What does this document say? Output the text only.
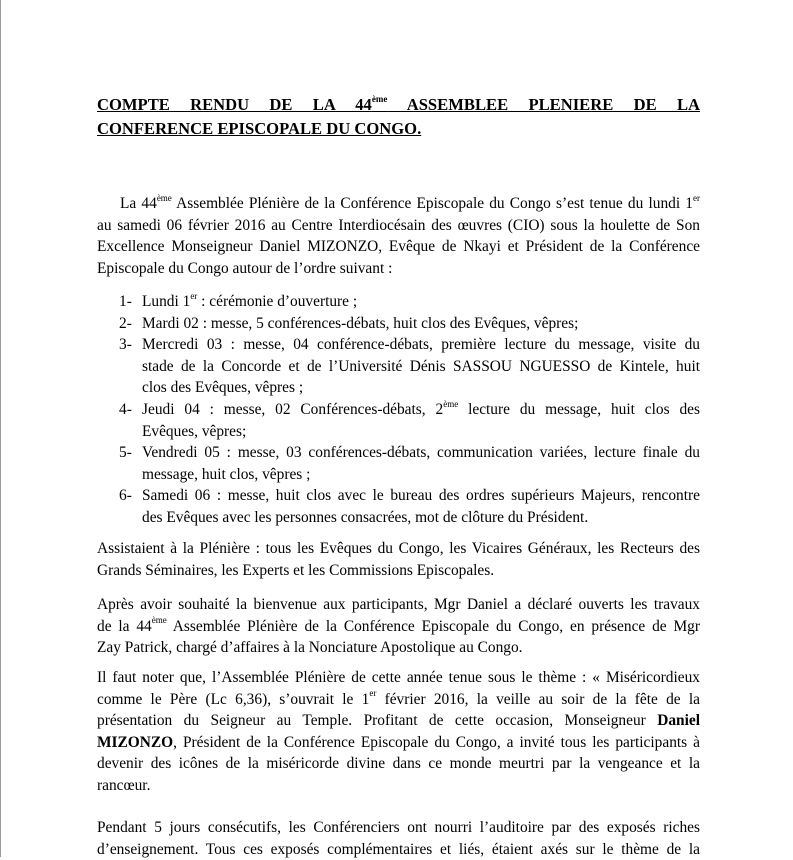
COMPTE RENDU DE LA 44ème ASSEMBLEE PLENIERE DE LA
CONFERENCE EPISCOPALE DU CONGO.
La 44ème Assemblée Plénière de la Conférence Episcopale du Congo s’est tenue du lundi 1er
au samedi 06 février 2016 au Centre Interdiocésain des œuvres (CIO) sous la houlette de Son
Excellence Monseigneur Daniel MIZONZO, Evêque de Nkayi et Président de la Conférence
Episcopale du Congo autour de l’ordre suivant :
1- Lundi 1er : cérémonie d’ouverture ;
2- Mardi 02 : messe, 5 conférences-débats, huit clos des Evêques, vêpres;
3- Mercredi 03 : messe, 04 conférence-débats, première lecture du message, visite du
stade de la Concorde et de l’Université Dénis SASSOU NGUESSO de Kintele, huit
clos des Evêques, vêpres ;
4- Jeudi 04 : messe, 02 Conférences-débats, 2ème lecture du message, huit clos des
Evêques, vêpres;
5- Vendredi 05 : messe, 03 conférences-débats, communication variées, lecture finale du
message, huit clos, vêpres ;
6- Samedi 06 : messe, huit clos avec le bureau des ordres supérieurs Majeurs, rencontre
des Evêques avec les personnes consacrées, mot de clôture du Président.
Assistaient à la Plénière : tous les Evêques du Congo, les Vicaires Généraux, les Recteurs des
Grands Séminaires, les Experts et les Commissions Episcopales.
Après avoir souhaité la bienvenue aux participants, Mgr Daniel a déclaré ouverts les travaux
de la 44ème Assemblée Plénière de la Conférence Episcopale du Congo, en présence de Mgr
Zay Patrick, chargé d’affaires à la Nonciature Apostolique au Congo.
Il faut noter que, l’Assemblée Plénière de cette année tenue sous le thème : « Miséricordieux
comme le Père (Lc 6,36), s’ouvrait le 1er février 2016, la veille au soir de la fête de la
présentation du Seigneur au Temple. Profitant de cette occasion, Monseigneur Daniel
MIZONZO, Président de la Conférence Episcopale du Congo, a invité tous les participants à
devenir des icônes de la miséricorde divine dans ce monde meurtri par la vengeance et la
rancœur.
Pendant 5 jours consécutifs, les Conférenciers ont nourri l’auditoire par des exposés riches
d’enseignement. Tous ces exposés complémentaires et liés, étaient axés sur le thème de la
